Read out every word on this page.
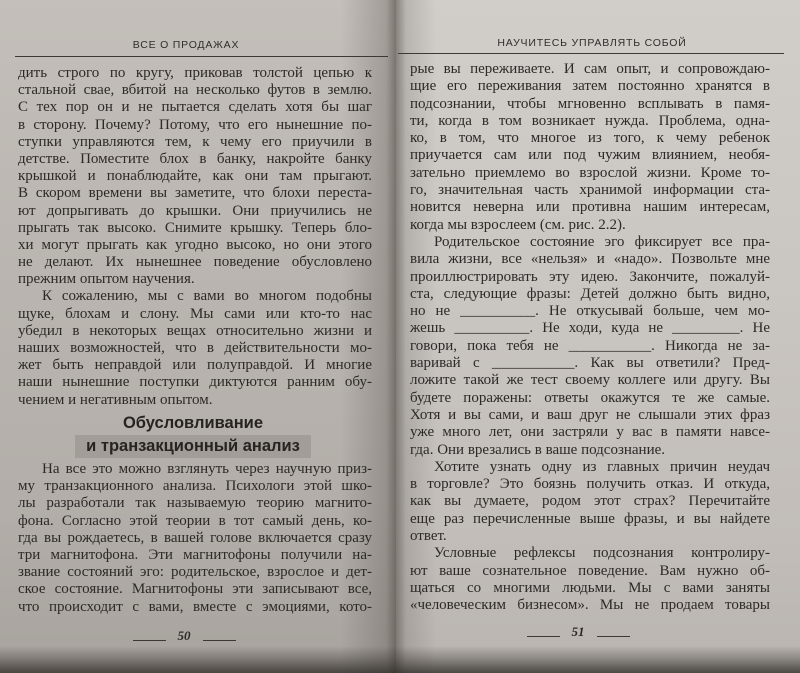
ВСЕ О ПРОДАЖАХ
дить строго по кругу, приковав толстой цепью к
стальной свае, вбитой на несколько футов в землю.
С тех пор он и не пытается сделать хотя бы шаг
в сторону. Почему? Потому, что его нынешние по-
ступки управляются тем, к чему его приучили в
детстве. Поместите блох в банку, накройте банку
крышкой и понаблюдайте, как они там прыгают.
В скором времени вы заметите, что блохи переста-
ют допрыгивать до крышки. Они приучились не
прыгать так высоко. Снимите крышку. Теперь бло-
хи могут прыгать как угодно высоко, но они этого
не делают. Их нынешнее поведение обусловлено
прежним опытом научения.
К сожалению, мы с вами во многом подобны
щуке, блохам и слону. Мы сами или кто-то нас
убедил в некоторых вещах относительно жизни и
наших возможностей, что в действительности мо-
жет быть неправдой или полуправдой. И многие
наши нынешние поступки диктуются ранним обу-
чением и негативным опытом.
Обусловливание
и транзакционный анализ
На все это можно взглянуть через научную приз-
му транзакционного анализа. Психологи этой шко-
лы разработали так называемую теорию магнито-
фона. Согласно этой теории в тот самый день, ко-
гда вы рождаетесь, в вашей голове включается сразу
три магнитофона. Эти магнитофоны получили на-
звание состояний эго: родительское, взрослое и дет-
ское состояние. Магнитофоны эти записывают все,
что происходит с вами, вместе с эмоциями, кото-
50
НАУЧИТЕСЬ УПРАВЛЯТЬ СОБОЙ
рые вы переживаете. И сам опыт, и сопровождаю-
щие его переживания затем постоянно хранятся в
подсознании, чтобы мгновенно всплывать в памя-
ти, когда в том возникает нужда. Проблема, одна-
ко, в том, что многое из того, к чему ребенок
приучается сам или под чужим влиянием, необя-
зательно приемлемо во взрослой жизни. Кроме то-
го, значительная часть хранимой информации ста-
новится неверна или противна нашим интересам,
когда мы взрослеем (см. рис. 2.2).
Родительское состояние эго фиксирует все пра-
вила жизни, все «нельзя» и «надо». Позвольте мне
проиллюстрировать эту идею. Закончите, пожалуй-
ста, следующие фразы: Детей должно быть видно,
но не __________. Не откусывай больше, чем мо-
жешь __________. Не ходи, куда не _________. Не
говори, пока тебя не ___________. Никогда не за-
варивай с ___________. Как вы ответили? Пред-
ложите такой же тест своему коллеге или другу. Вы
будете поражены: ответы окажутся те же самые.
Хотя и вы сами, и ваш друг не слышали этих фраз
уже много лет, они застряли у вас в памяти навсе-
гда. Они врезались в ваше подсознание.
Хотите узнать одну из главных причин неудач
в торговле? Это боязнь получить отказ. И откуда,
как вы думаете, родом этот страх? Перечитайте
еще раз перечисленные выше фразы, и вы найдете
ответ.
Условные рефлексы подсознания контролиру-
ют ваше сознательное поведение. Вам нужно об-
щаться со многими людьми. Мы с вами заняты
«человеческим бизнесом». Мы не продаем товары
51
